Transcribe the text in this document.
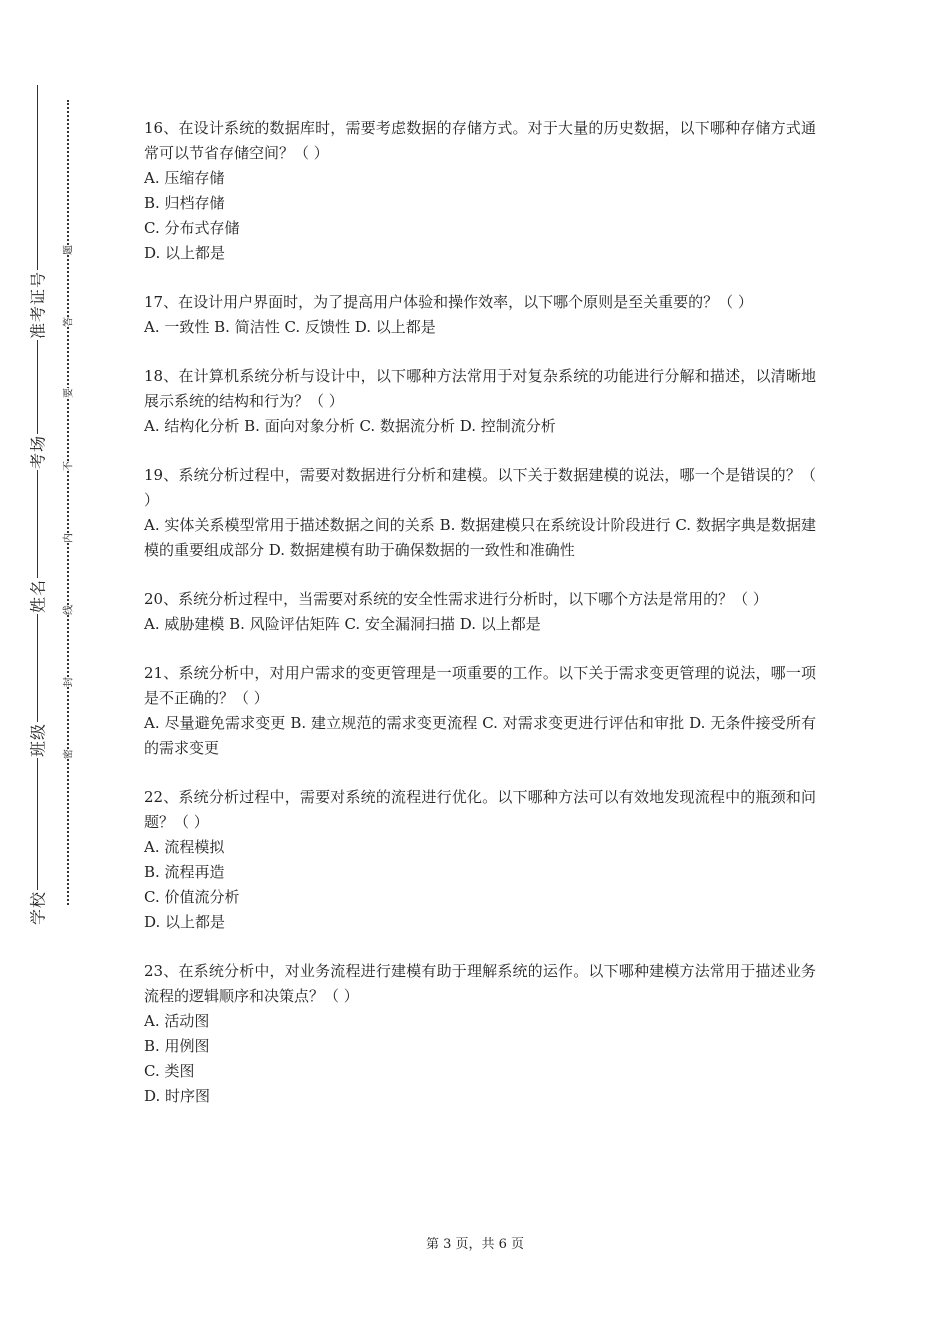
准考证号
考场
姓名
班级
学校
题
答
要
不
内
线
封
密

16、在设计系统的数据库时，需要考虑数据的存储方式。对于大量的历史数据，以下哪种存储方式通常可以节省存储空间？（ ）

A. 压缩存储

B. 归档存储

C. 分布式存储

D. 以上都是

17、在设计用户界面时，为了提高用户体验和操作效率，以下哪个原则是至关重要的？（ ）

A. 一致性 B. 简洁性 C. 反馈性 D. 以上都是

18、在计算机系统分析与设计中，以下哪种方法常用于对复杂系统的功能进行分解和描述，以清晰地展示系统的结构和行为？（ ）

A. 结构化分析 B. 面向对象分析 C. 数据流分析 D. 控制流分析

19、系统分析过程中，需要对数据进行分析和建模。以下关于数据建模的说法，哪一个是错误的？（ ）

A. 实体关系模型常用于描述数据之间的关系 B. 数据建模只在系统设计阶段进行 C. 数据字典是数据建模的重要组成部分 D. 数据建模有助于确保数据的一致性和准确性

20、系统分析过程中，当需要对系统的安全性需求进行分析时，以下哪个方法是常用的？（ ）

A. 威胁建模 B. 风险评估矩阵 C. 安全漏洞扫描 D. 以上都是

21、系统分析中，对用户需求的变更管理是一项重要的工作。以下关于需求变更管理的说法，哪一项是不正确的？（ ）

A. 尽量避免需求变更 B. 建立规范的需求变更流程 C. 对需求变更进行评估和审批 D. 无条件接受所有的需求变更

22、系统分析过程中，需要对系统的流程进行优化。以下哪种方法可以有效地发现流程中的瓶颈和问题？（ ）

A. 流程模拟

B. 流程再造

C. 价值流分析

D. 以上都是

23、在系统分析中，对业务流程进行建模有助于理解系统的运作。以下哪种建模方法常用于描述业务流程的逻辑顺序和决策点？（ ）

A. 活动图

B. 用例图

C. 类图

D. 时序图

第 3 页，共 6 页
